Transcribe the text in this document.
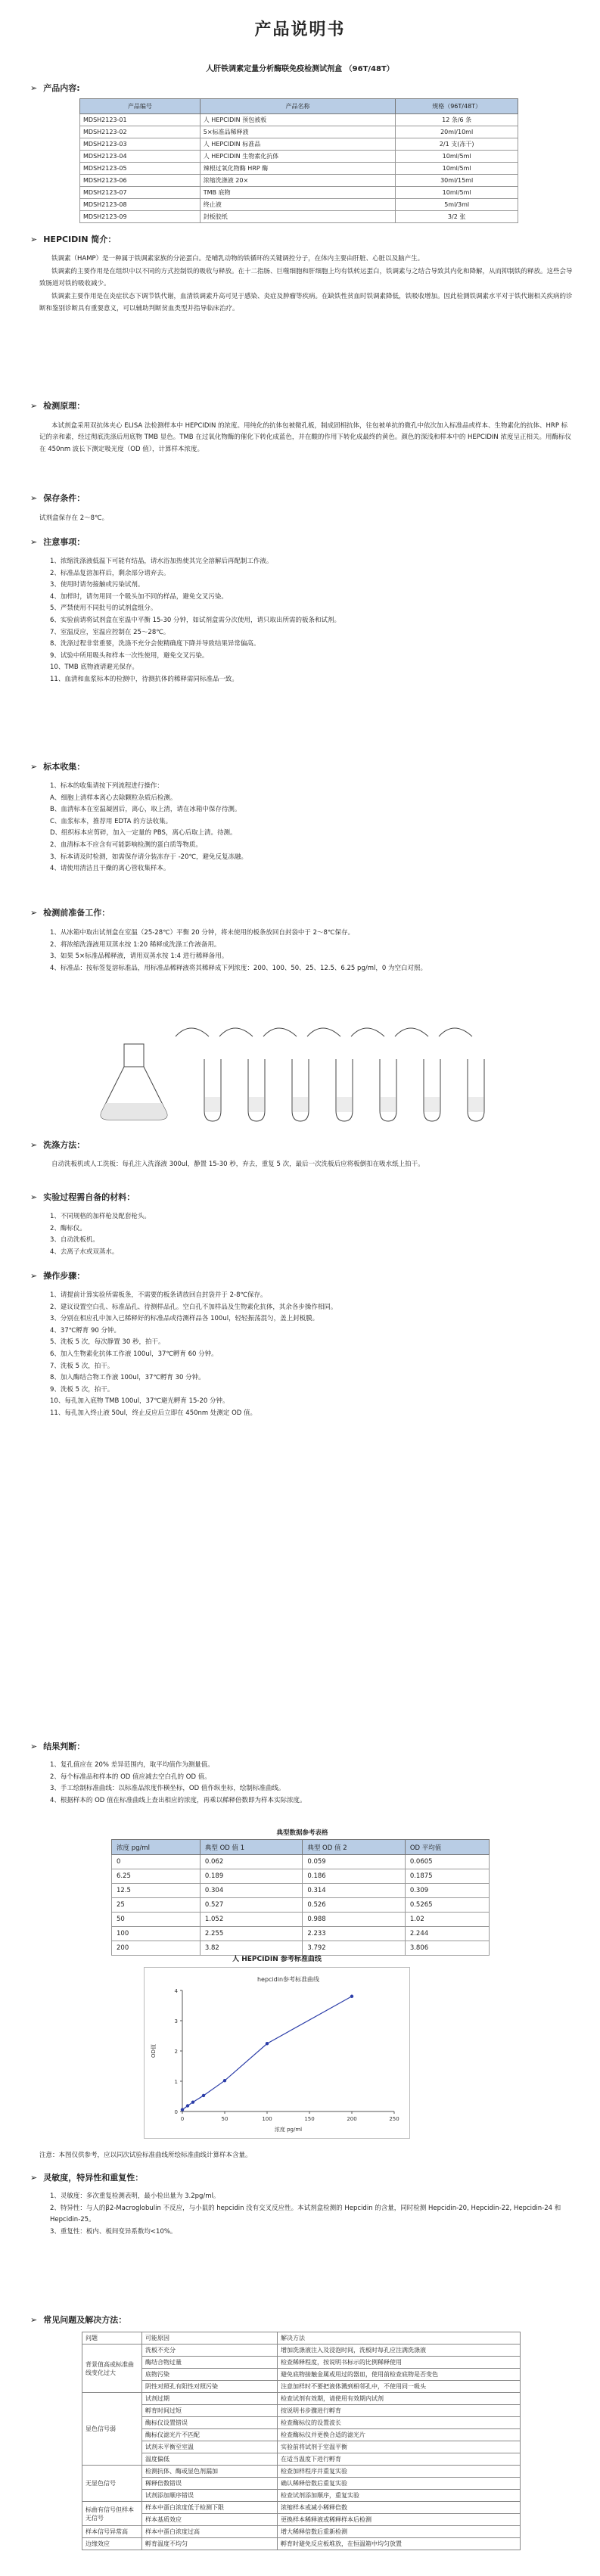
产品说明书
人肝铁调素定量分析酶联免疫检测试剂盒 （96T/48T）
➢ 产品内容:
产品编号	产品名称	规格（96T/48T）
MDSH2123-01	人 HEPCIDIN 预包被板	12 条/6 条
MDSH2123-02	5×标准品稀释液	20ml/10ml
MDSH2123-03	人 HEPCIDIN 标准品	2/1 支(冻干)
MDSH2123-04	人 HEPCIDIN 生物素化抗体	10ml/5ml
MDSH2123-05	辣根过氧化物酶 HRP 酶	10ml/5ml
MDSH2123-06	浓缩洗涤液 20×	30ml/15ml
MDSH2123-07	TMB 底物	10ml/5ml
MDSH2123-08	终止液	5ml/3ml
MDSH2123-09	封板胶纸	3/2 张
➢ HEPCIDIN 简介：

铁调素（HAMP）是一种属于铁调素家族的分泌蛋白。是哺乳动物的铁循环的关键调控分子，在体内主要由肝脏、心脏以及脑产生。

铁调素的主要作用是在组织中以不同的方式控制铁的吸收与释放。在十二指肠、巨噬细胞和肝细胞上均有铁转运蛋白，铁调素与之结合导致其内化和降解，从而抑制铁的释放。这些会导致肠道对铁的吸收减少。

铁调素主要作用是在炎症状态下调节铁代谢，血清铁调素升高可见于感染、炎症及肿瘤等疾病。在缺铁性贫血时铁调素降低，铁吸收增加。因此检测铁调素水平对于铁代谢相关疾病的诊断和鉴别诊断具有重要意义，可以辅助判断贫血类型并指导临床治疗。

➢ 检测原理：
本试剂盒采用双抗体夹心 ELISA 法检测样本中 HEPCIDIN 的浓度。用纯化的抗体包被微孔板，制成固相抗体，往包被单抗的微孔中依次加入标准品或样本、生物素化的抗体、HRP 标记的亲和素，经过彻底洗涤后用底物 TMB 显色。TMB 在过氧化物酶的催化下转化成蓝色，并在酸的作用下转化成最终的黄色。颜色的深浅和样本中的 HEPCIDIN 浓度呈正相关。用酶标仪在 450nm 波长下测定吸光度（OD 值），计算样本浓度。
➢ 保存条件：
试剂盒保存在 2～8℃。
➢ 注意事项：
1、浓缩洗涤液低温下可能有结晶，请水浴加热使其完全溶解后再配制工作液。
2、标准品复溶加样后，剩余部分请弃去。
3、使用时请勿接触或污染试剂。
4、加样时，请勿用同一个吸头加不同的样品，避免交叉污染。
5、严禁使用不同批号的试剂盒组分。
6、实验前请将试剂盒在室温中平衡 15-30 分钟，如试剂盒需分次使用，请只取出所需的板条和试剂。
7、室温反应，室温应控制在 25～28℃。
8、洗涤过程非常重要，洗涤不充分会使精确度下降并导致结果异常偏高。
9、试验中所用吸头和样本一次性使用，避免交叉污染。
10、TMB 底物液请避光保存。
11、血清和血浆标本的检测中，待测抗体的稀释需同标准品一致。
➢ 标本收集：
1、标本的收集请按下列流程进行操作：
A、细胞上清样本离心去除颗粒杂质后检测。
B、血清标本在室温凝固后，离心，取上清，请在冰箱中保存待测。
C、血浆标本，推荐用 EDTA 的方法收集。
D、组织标本应剪碎，加入一定量的 PBS，离心后取上清。待测。
2、血清标本不应含有可能影响检测的蛋白质等物质。
3、标本请及时检测，如需保存请分装冻存于 -20℃，避免反复冻融。
4、请使用清洁且干燥的离心管收集样本。
➢ 检测前准备工作：
1、从冰箱中取出试剂盒在室温（25-28℃）平衡 20 分钟，将未使用的板条放回自封袋中于 2～8℃保存。
2、将浓缩洗涤液用双蒸水按 1:20 稀释成洗涤工作液备用。
3、如果 5×标准品稀释液，请用双蒸水按 1:4 进行稀释备用。
4、标准品：按标签复溶标准品，用标准品稀释液将其稀释成下列浓度：200、100、50、25、12.5、6.25 pg/ml，0 为空白对照。
➢ 洗涤方法：
自动洗板机或人工洗板：每孔注入洗涤液 300ul，静置 15-30 秒，弃去，重复 5 次，最后一次洗板后应将板倒扣在吸水纸上拍干。
➢ 实验过程需自备的材料：
1、不同规格的加样枪及配套枪头。
2、酶标仪。
3、自动洗板机。
4、去离子水或双蒸水。
➢ 操作步骤：
1、请提前计算实验所需板条，不需要的板条请放回自封袋并于 2-8℃保存。
2、建议设置空白孔、标准品孔、待测样品孔。空白孔不加样品及生物素化抗体，其余各步操作相同。
3、分别在相应孔中加入已稀释好的标准品或待测样品各 100ul，轻轻振荡混匀，盖上封板膜。
4、37℃孵育 90 分钟。
5、洗板 5 次，每次静置 30 秒，拍干。
6、加入生物素化抗体工作液 100ul，37℃孵育 60 分钟。
7、洗板 5 次，拍干。
8、加入酶结合物工作液 100ul，37℃孵育 30 分钟。
9、洗板 5 次，拍干。
10、每孔加入底物 TMB 100ul，37℃避光孵育 15-20 分钟。
11、每孔加入终止液 50ul，终止反应后立即在 450nm 处测定 OD 值。
➢ 结果判断：
1、复孔值应在 20% 差异范围内，取平均值作为测量值。
2、每个标准品和样本的 OD 值应减去空白孔的 OD 值。
3、手工绘制标准曲线：以标准品浓度作横坐标，OD 值作纵坐标，绘制标准曲线。
4、根据样本的 OD 值在标准曲线上查出相应的浓度，再乘以稀释倍数即为样本实际浓度。
典型数据参考表格			
浓度 pg/ml	典型 OD 值 1	典型 OD 值 2	OD 平均值
0	0.062	0.059	0.0605
6.25	0.189	0.186	0.1875
12.5	0.304	0.314	0.309
25	0.527	0.526	0.5265
50	1.052	0.988	1.02
100	2.255	2.233	2.244
200	3.82	3.792	3.806
人 HEPCIDIN 参考标准曲线
hepcidin参考标准曲线
0	50	100	150	200	250
0
1
2
3
4
浓度 pg/ml
OD值
注意：本图仅供参考，应以同次试验标准曲线所绘标准曲线计算样本含量。
➢ 灵敏度，特异性和重复性：
1、灵敏度：多次重复检测表明，最小检出量为 3.2pg/ml。
2、特异性：与人的β2-Macroglobulin 不反应，与小鼠的 hepcidin 没有交叉反应性。本试剂盒检测的 Hepcidin 的含量，同时检测 Hepcidin-20, Hepcidin-22, Hepcidin-24 和 Hepcidin-25。
3、重复性：板内、板间变异系数均<10%。
➢ 常见问题及解决方法：
问题	可能原因	解决方法
背景值高或标准曲线变化过大	洗板不充分	增加洗涤液注入及浸泡时间，洗板时每孔应注满洗涤液
	酶结合物过量	检查稀释程度，按说明书标示的比例稀释使用
	底物污染	避免底物接触金属或用过的器皿，使用前检查底物是否变色
	阴性对照孔有阳性对照污染	注意加样时不要把液体溅到相邻孔中，不使用同一吸头
显色信号弱	试剂过期	检查试剂有效期，请使用有效期内试剂
	孵育时间过短	按说明书步骤进行孵育
	酶标仪设置错误	检查酶标仪的设置波长
	酶标仪滤光片不匹配	检查酶标仪并更换合适的滤光片
	试剂未平衡至室温	实验前将试剂于室温平衡
	温度偏低	在适当温度下进行孵育
无显色信号	检测抗体、酶或显色剂漏加	检查加样程序并重复实验
	稀释倍数错误	确认稀释倍数后重复实验
	试剂添加顺序错误	检查试剂添加顺序，重复实验
标曲有信号但样本无信号	样本中蛋白浓度低于检测下限	浓缩样本或减小稀释倍数
	样本基质效应	更换样本稀释液或稀释样本后检测
样本信号异常高	样本中蛋白浓度过高	增大稀释倍数后重新检测
边缘效应	孵育温度不均匀	孵育时避免反应板堆放，在恒温箱中均匀放置
